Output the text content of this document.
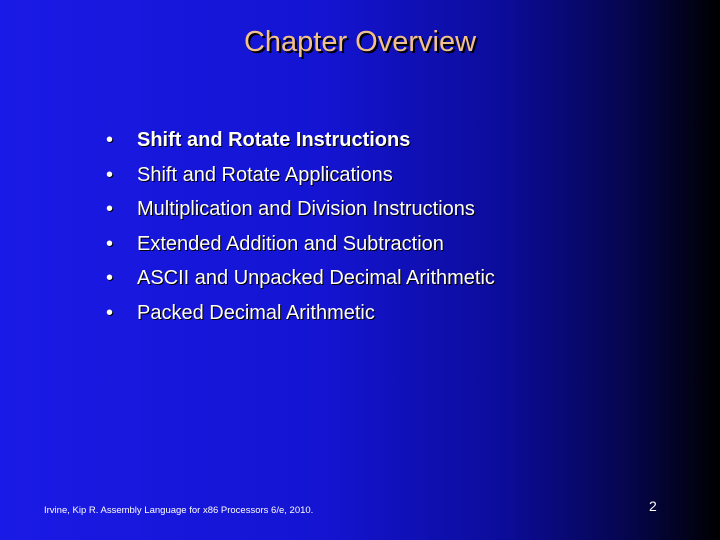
Chapter Overview
•	Shift and Rotate Instructions
•	Shift and Rotate Applications
•	Multiplication and Division Instructions
•	Extended Addition and Subtraction
•	ASCII and Unpacked Decimal Arithmetic
•	Packed Decimal Arithmetic
Irvine, Kip R. Assembly Language for x86 Processors 6/e, 2010.	2
